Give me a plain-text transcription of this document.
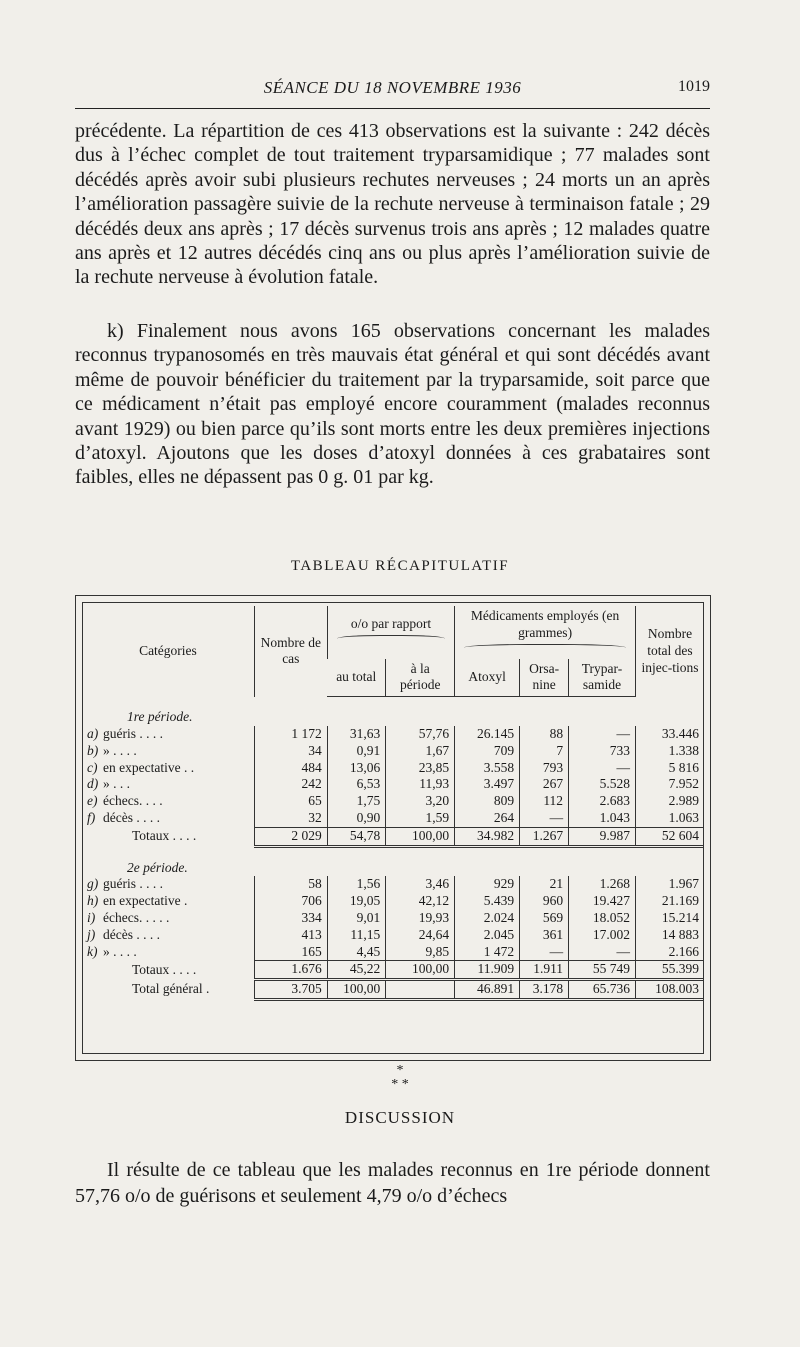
SÉANCE DU 18 NOVEMBRE 1936	1019

précédente. La répartition de ces 413 observations est la suivante : 242 décès dus à l’échec complet de tout traitement tryparsamidique ; 77 malades sont décédés après avoir subi plusieurs rechutes nerveuses ; 24 morts un an après l’amélioration passagère suivie de la rechute nerveuse à terminaison fatale ; 29 décédés deux ans après ; 17 décès survenus trois ans après ; 12 malades quatre ans après et 12 autres décédés cinq ans ou plus après l’amélioration suivie de la rechute nerveuse à évolution fatale.

k) Finalement nous avons 165 observations concernant les malades reconnus trypanosomés en très mauvais état général et qui sont décédés avant même de pouvoir bénéficier du traitement par la tryparsamide, soit parce que ce médicament n’était pas employé encore couramment (malades reconnus avant 1929) ou bien parce qu’ils sont morts entre les deux premières injections d’atoxyl. Ajoutons que les doses d’atoxyl données à ces grabataires sont faibles, elles ne dépassent pas 0 g. 01 par kg.

TABLEAU RÉCAPITULATIF
Catégories	Nombre de cas	o/o par rapport		Médicaments employés (en grammes)			Nombre total des injec-tions
		au total	à la période	Atoxyl	Orsa-nine	Trypar-samide	
1re période.							
a) guéris . . . .	1 172	31,63	57,76	26.145	88	—	33.446
b) » . . . .	34	0,91	1,67	709	7	733	1.338
c) en expectative . .	484	13,06	23,85	3.558	793	—	5 816
d) » . . .	242	6,53	11,93	3.497	267	5.528	7.952
e) échecs. . . .	65	1,75	3,20	809	112	2.683	2.989
f) décès . . . .	32	0,90	1,59	264	—	1.043	1.063
Totaux . . . .	2 029	54,78	100,00	34.982	1.267	9.987	52 604
2e période.							
g) guéris . . . .	58	1,56	3,46	929	21	1.268	1.967
h) en expectative .	706	19,05	42,12	5.439	960	19.427	21.169
i) échecs. . . . .	334	9,01	19,93	2.024	569	18.052	15.214
j) décès . . . .	413	11,15	24,64	2.045	361	17.002	14 883
k) » . . . .	165	4,45	9,85	1 472	—	—	2.166
Totaux . . . .	1.676	45,22	100,00	11.909	1.911	55 749	55.399
Total général .	3.705	100,00		46.891	3.178	65.736	108.003
*
* *
DISCUSSION

Il résulte de ce tableau que les malades reconnus en 1re période donnent 57,76 o/o de guérisons et seulement 4,79 o/o d’échecs
